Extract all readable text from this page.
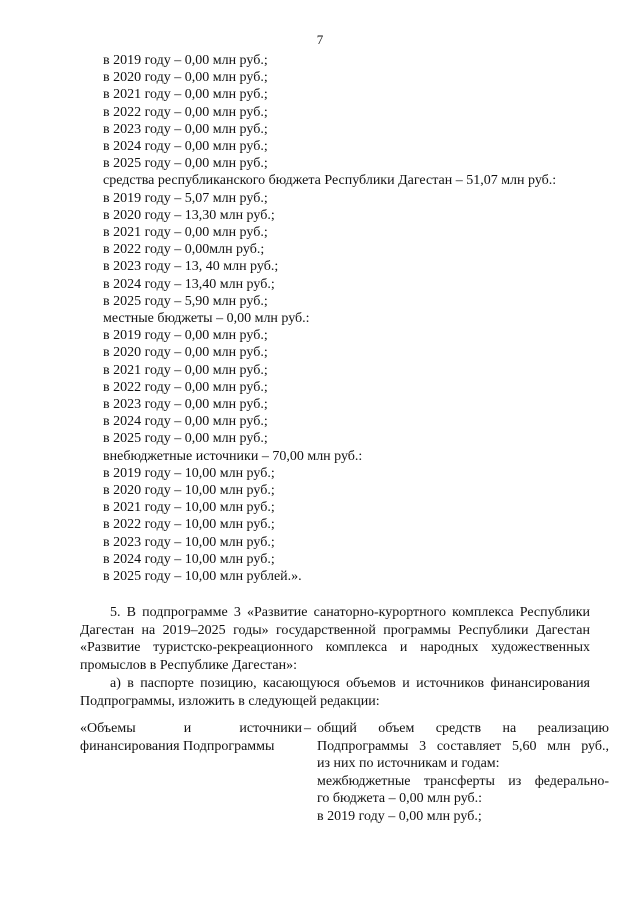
7
в 2019 году – 0,00 млн руб.;
в 2020 году – 0,00 млн руб.;
в 2021 году – 0,00 млн руб.;
в 2022 году – 0,00 млн руб.;
в 2023 году – 0,00 млн руб.;
в 2024 году – 0,00 млн руб.;
в 2025 году – 0,00 млн руб.;
средства республиканского бюджета Республики Дагестан – 51,07 млн руб.:
в 2019 году – 5,07 млн руб.;
в 2020 году – 13,30 млн руб.;
в 2021 году – 0,00 млн руб.;
в 2022 году – 0,00млн руб.;
в 2023 году – 13, 40 млн руб.;
в 2024 году – 13,40 млн руб.;
в 2025 году – 5,90 млн руб.;
местные бюджеты – 0,00 млн руб.:
в 2019 году – 0,00 млн руб.;
в 2020 году – 0,00 млн руб.;
в 2021 году – 0,00 млн руб.;
в 2022 году – 0,00 млн руб.;
в 2023 году – 0,00 млн руб.;
в 2024 году – 0,00 млн руб.;
в 2025 году – 0,00 млн руб.;
внебюджетные источники – 70,00 млн руб.:
в 2019 году – 10,00 млн руб.;
в 2020 году – 10,00 млн руб.;
в 2021 году – 10,00 млн руб.;
в 2022 году – 10,00 млн руб.;
в 2023 году – 10,00 млн руб.;
в 2024 году – 10,00 млн руб.;
в 2025 году – 10,00 млн рублей.».
5. В подпрограмме 3 «Развитие санаторно-курортного комплекса Республики Дагестан на 2019–2025 годы» государственной программы Республики Дагестан «Развитие туристско-рекреационного комплекса и народных художественных промыслов в Республике Дагестан»:
а) в паспорте позицию, касающуюся объемов и источников финансирования Подпрограммы, изложить в следующей редакции:
«Объемы и источники финансирования Подпрограммы
– общий объем средств на реализацию
Подпрограммы 3 составляет 5,60 млн руб.,
из них по источникам и годам:
межбюджетные трансферты из федерально-
го бюджета – 0,00 млн руб.:
в 2019 году – 0,00 млн руб.;
